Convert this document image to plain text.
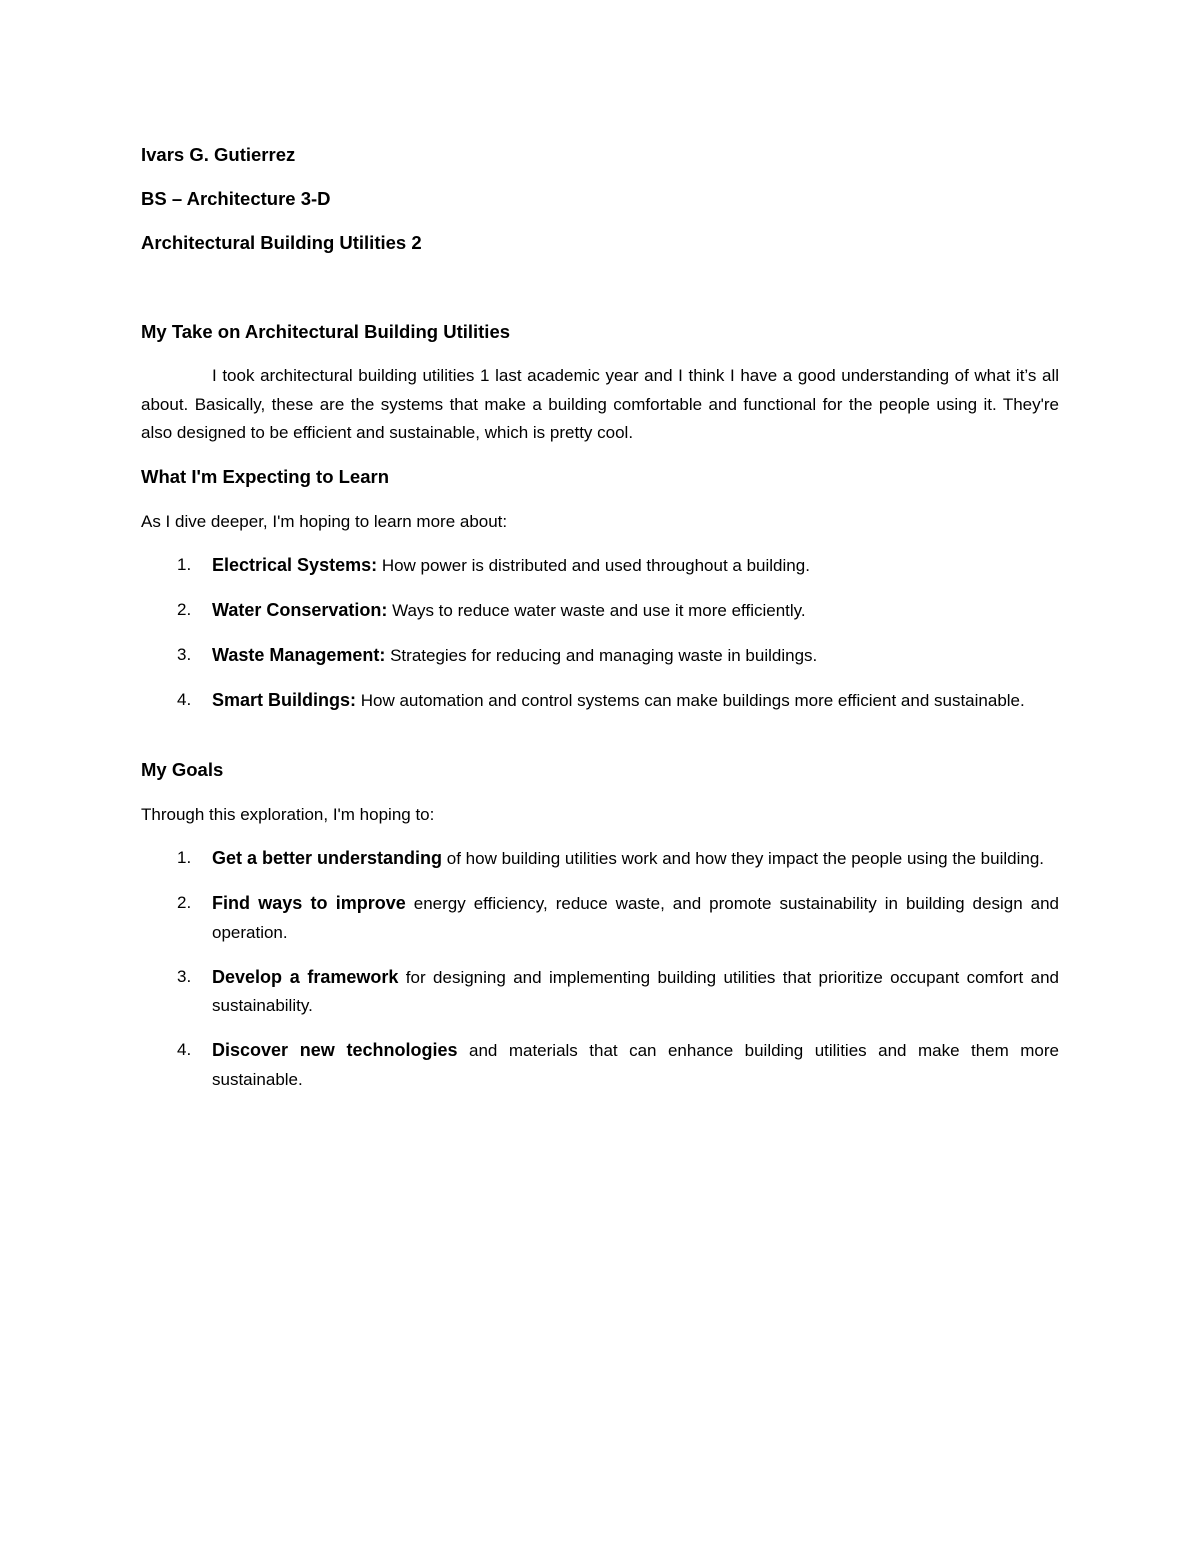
Ivars G. Gutierrez
BS – Architecture 3-D
Architectural Building Utilities 2
My Take on Architectural Building Utilities
I took architectural building utilities 1 last academic year and I think I have a good understanding of what it’s all about. Basically, these are the systems that make a building comfortable and functional for the people using it. They're also designed to be efficient and sustainable, which is pretty cool.
What I'm Expecting to Learn
As I dive deeper, I'm hoping to learn more about:
1. Electrical Systems: How power is distributed and used throughout a building.
2. Water Conservation: Ways to reduce water waste and use it more efficiently.
3. Waste Management: Strategies for reducing and managing waste in buildings.
4. Smart Buildings: How automation and control systems can make buildings more efficient and sustainable.
My Goals
Through this exploration, I'm hoping to:
1. Get a better understanding of how building utilities work and how they impact the people using the building.
2. Find ways to improve energy efficiency, reduce waste, and promote sustainability in building design and operation.
3. Develop a framework for designing and implementing building utilities that prioritize occupant comfort and sustainability.
4. Discover new technologies and materials that can enhance building utilities and make them more sustainable.
